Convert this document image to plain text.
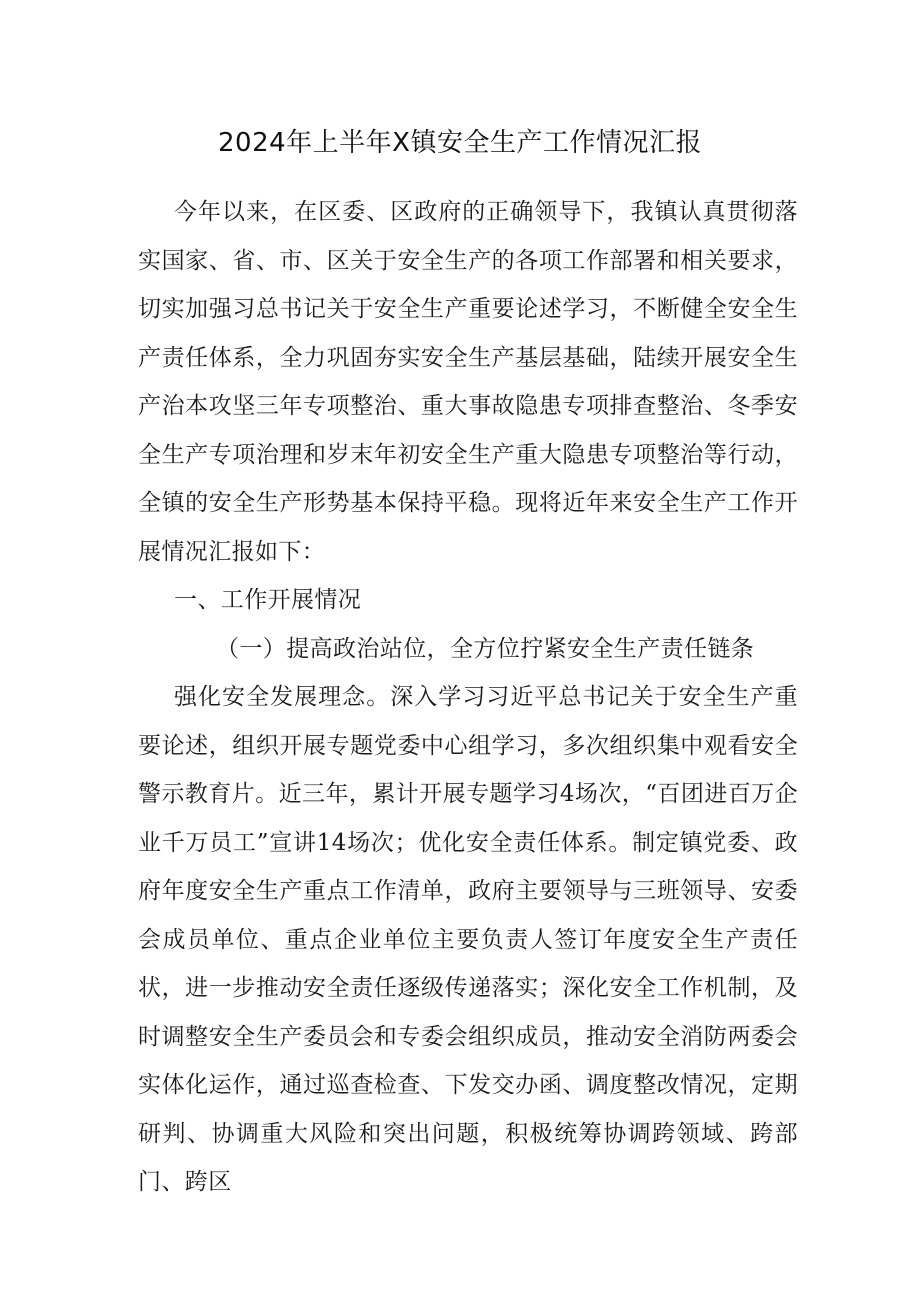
2024年上半年X镇安全生产工作情况汇报

今年以来，在区委、区政府的正确领导下，我镇认真贯彻落实国家、省、市、区关于安全生产的各项工作部署和相关要求，切实加强习总书记关于安全生产重要论述学习，不断健全安全生产责任体系，全力巩固夯实安全生产基层基础，陆续开展安全生产治本攻坚三年专项整治、重大事故隐患专项排查整治、冬季安全生产专项治理和岁末年初安全生产重大隐患专项整治等行动，全镇的安全生产形势基本保持平稳。现将近年来安全生产工作开展情况汇报如下：

一、工作开展情况

（一）提高政治站位，全方位拧紧安全生产责任链条

强化安全发展理念。深入学习习近平总书记关于安全生产重要论述，组织开展专题党委中心组学习，多次组织集中观看安全警示教育片。近三年，累计开展专题学习4场次，“百团进百万企业千万员工”宣讲14场次；优化安全责任体系。制定镇党委、政府年度安全生产重点工作清单，政府主要领导与三班领导、安委会成员单位、重点企业单位主要负责人签订年度安全生产责任状，进一步推动安全责任逐级传递落实；深化安全工作机制，及时调整安全生产委员会和专委会组织成员，推动安全消防两委会实体化运作，通过巡查检查、下发交办函、调度整改情况，定期研判、协调重大风险和突出问题，积极统筹协调跨领域、跨部门、跨区
